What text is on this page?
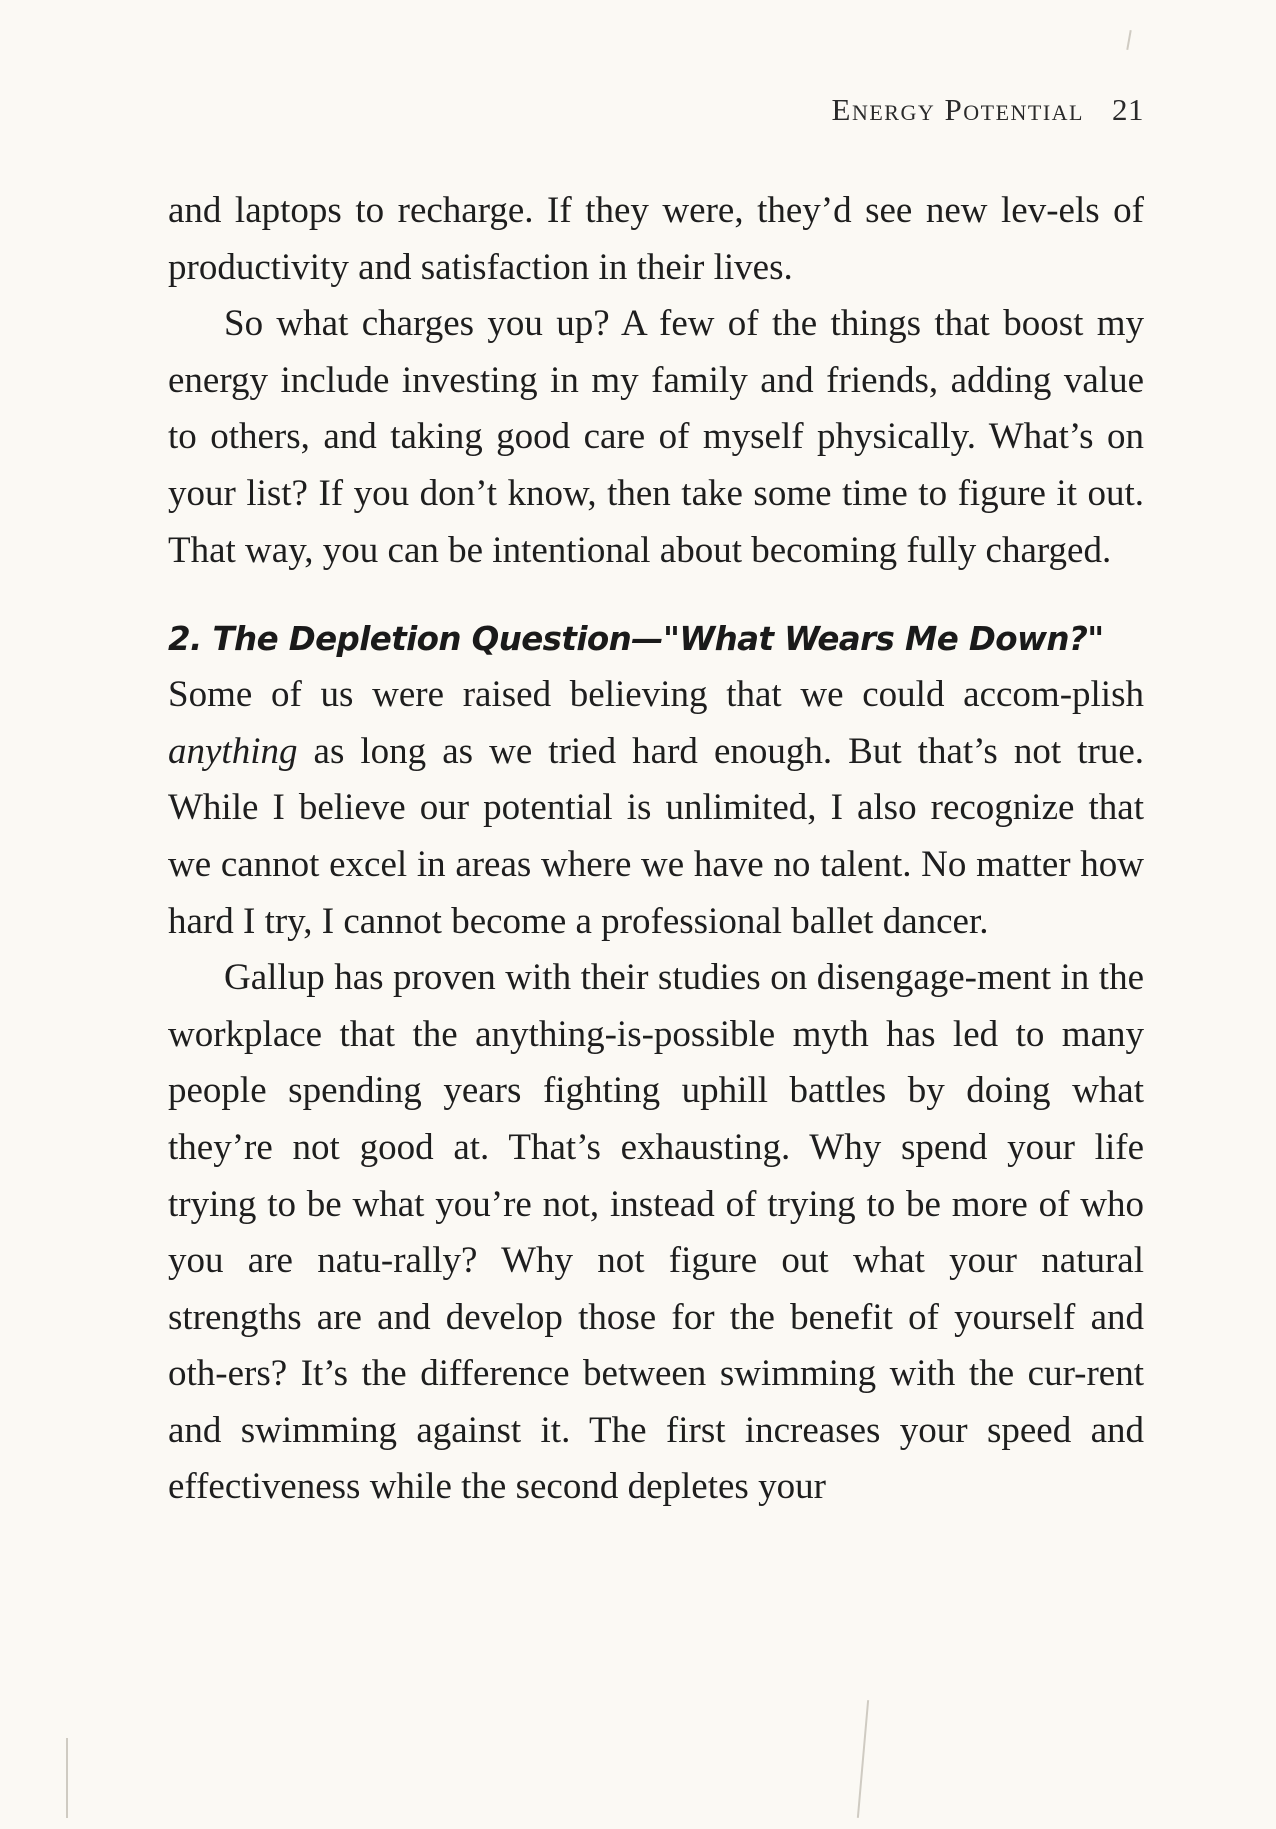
Energy Potential 21

and laptops to recharge. If they were, they’d see new lev-els of productivity and satisfaction in their lives.

So what charges you up? A few of the things that boost my energy include investing in my family and friends, adding value to others, and taking good care of myself physically. What’s on your list? If you don’t know, then take some time to figure it out. That way, you can be intentional about becoming fully charged.

2. The Depletion Question—"What Wears Me Down?"

Some of us were raised believing that we could accom-plish anything as long as we tried hard enough. But that’s not true. While I believe our potential is unlimited, I also recognize that we cannot excel in areas where we have no talent. No matter how hard I try, I cannot become a professional ballet dancer.

Gallup has proven with their studies on disengage-ment in the workplace that the anything-is-possible myth has led to many people spending years fighting uphill battles by doing what they’re not good at. That’s exhausting. Why spend your life trying to be what you’re not, instead of trying to be more of who you are natu-rally? Why not figure out what your natural strengths are and develop those for the benefit of yourself and oth-ers? It’s the difference between swimming with the cur-rent and swimming against it. The first increases your speed and effectiveness while the second depletes your
